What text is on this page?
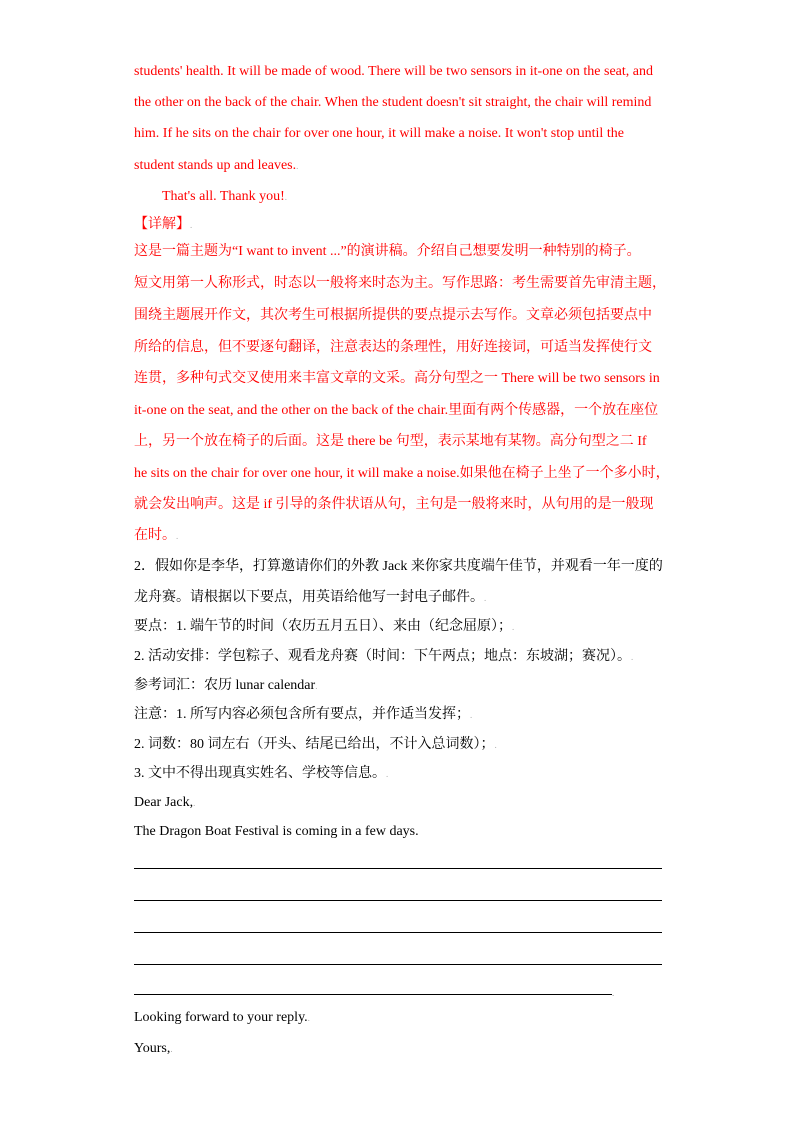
students' health. It will be made of wood. There will be two sensors in it-one on the seat, and
the other on the back of the chair. When the student doesn't sit straight, the chair will remind
him. If he sits on the chair for over one hour, it will make a noise. It won't stop until the
student stands up and leaves..
That's all. Thank you!.
【详解】.
这是一篇主题为“I want to invent ...”的演讲稿。介绍自己想要发明一种特别的椅子。
短文用第一人称形式，时态以一般将来时态为主。写作思路：考生需要首先审清主题，
围绕主题展开作文，其次考生可根据所提供的要点提示去写作。文章必须包括要点中
所给的信息，但不要逐句翻译，注意表达的条理性，用好连接词，可适当发挥使行文
连贯，多种句式交叉使用来丰富文章的文采。高分句型之一 There will be two sensors in
it-one on the seat, and the other on the back of the chair.里面有两个传感器，一个放在座位
上，另一个放在椅子的后面。这是 there be 句型，表示某地有某物。高分句型之二 If
he sits on the chair for over one hour, it will make a noise.如果他在椅子上坐了一个多小时，
就会发出响声。这是 if 引导的条件状语从句，主句是一般将来时，从句用的是一般现
在时。.
2．假如你是李华，打算邀请你们的外教 Jack 来你家共度端午佳节，并观看一年一度的
龙舟赛。请根据以下要点，用英语给他写一封电子邮件。.
要点：1. 端午节的时间（农历五月五日）、来由（纪念屈原）；.
2. 活动安排：学包粽子、观看龙舟赛（时间：下午两点；地点：东坡湖；赛况）。.
参考词汇：农历 lunar calendar.
注意：1. 所写内容必须包含所有要点，并作适当发挥；.
2. 词数：80 词左右（开头、结尾已给出，不计入总词数）；.
3. 文中不得出现真实姓名、学校等信息。.
Dear Jack,.
The Dragon Boat Festival is coming in a few days.
.
Looking forward to your reply..
Yours,.
